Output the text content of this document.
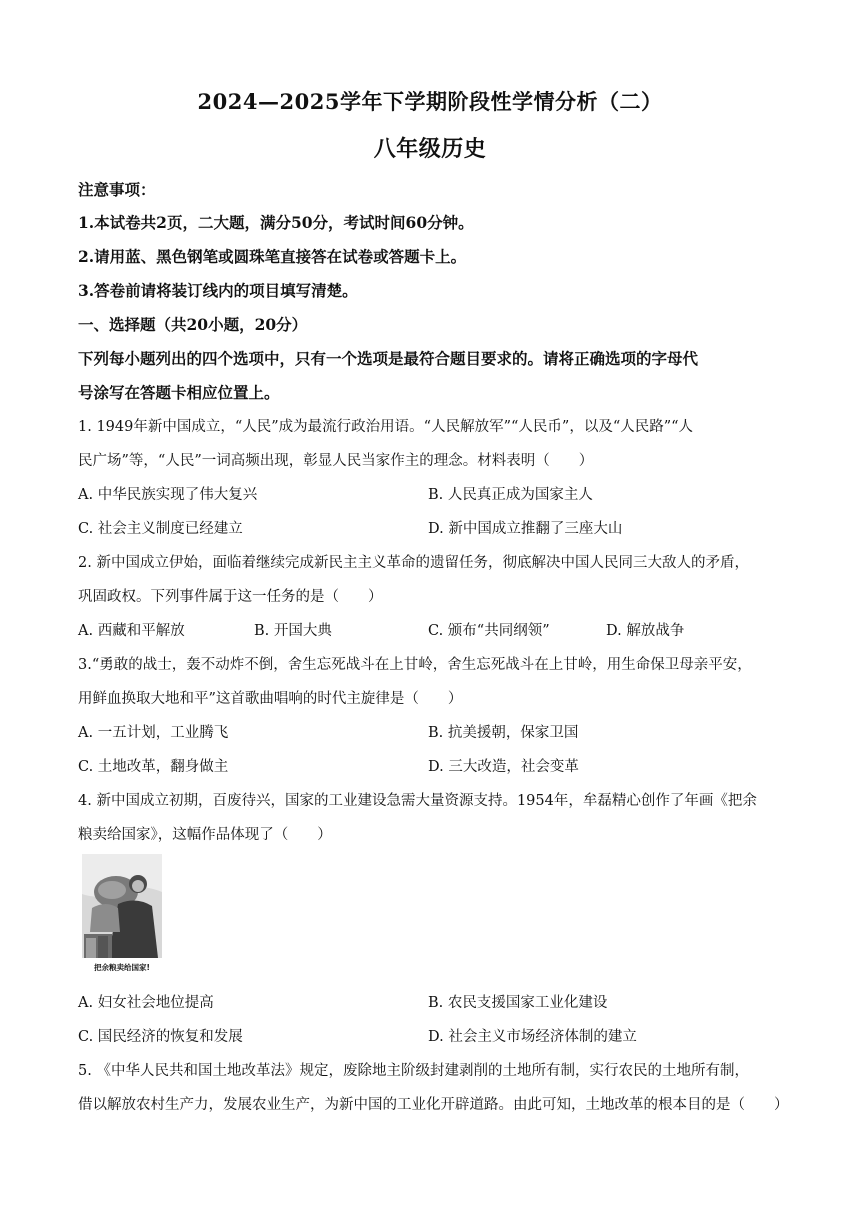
2024—2025学年下学期阶段性学情分析（二）
八年级历史
注意事项：
1.本试卷共2页，二大题，满分50分，考试时间60分钟。
2.请用蓝、黑色钢笔或圆珠笔直接答在试卷或答题卡上。
3.答卷前请将装订线内的项目填写清楚。
一、选择题（共20小题，20分）
下列每小题列出的四个选项中，只有一个选项是最符合题目要求的。请将正确选项的字母代
号涂写在答题卡相应位置上。
1. 1949年新中国成立，“人民”成为最流行政治用语。“人民解放军”“人民币”，以及“人民路”“人
民广场”等，“人民”一词高频出现，彰显人民当家作主的理念。材料表明（　　）
A. 中华民族实现了伟大复兴	B. 人民真正成为国家主人
C. 社会主义制度已经建立	D. 新中国成立推翻了三座大山
2. 新中国成立伊始，面临着继续完成新民主主义革命的遗留任务，彻底解决中国人民同三大敌人的矛盾，
巩固政权。下列事件属于这一任务的是（　　）
A. 西藏和平解放	B. 开国大典	C. 颁布“共同纲领”	D. 解放战争
3.“勇敢的战士，轰不动炸不倒，舍生忘死战斗在上甘岭，舍生忘死战斗在上甘岭，用生命保卫母亲平安，
用鲜血换取大地和平”这首歌曲唱响的时代主旋律是（　　）
A. 一五计划，工业腾飞	B. 抗美援朝，保家卫国
C. 土地改革，翻身做主	D. 三大改造，社会变革
4. 新中国成立初期，百废待兴，国家的工业建设急需大量资源支持。1954年，牟磊精心创作了年画《把余
粮卖给国家》，这幅作品体现了（　　）
把余粮卖给国家!
A. 妇女社会地位提高	B. 农民支援国家工业化建设
C. 国民经济的恢复和发展	D. 社会主义市场经济体制的建立
5. 《中华人民共和国土地改革法》规定，废除地主阶级封建剥削的土地所有制，实行农民的土地所有制，
借以解放农村生产力，发展农业生产，为新中国的工业化开辟道路。由此可知，土地改革的根本目的是（　　）
